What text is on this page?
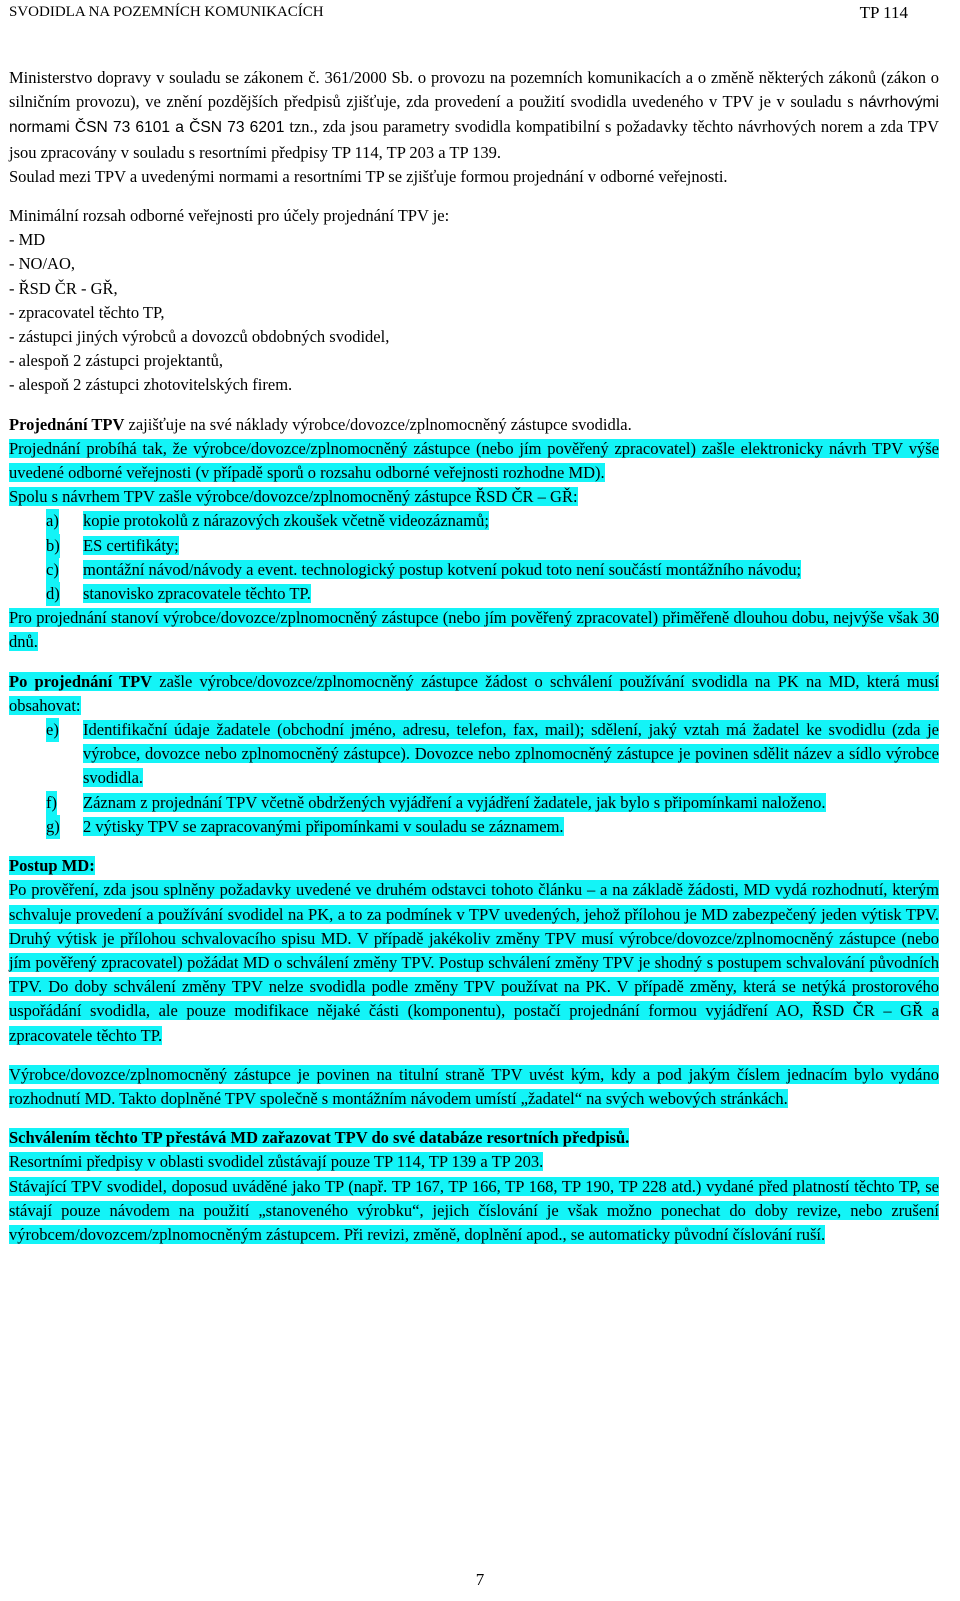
SVODIDLA NA POZEMNÍCH KOMUNIKACÍCH	TP 114

Ministerstvo dopravy v souladu se zákonem č. 361/2000 Sb. o provozu na pozemních komunikacích a o změně některých zákonů (zákon o silničním provozu), ve znění pozdějších předpisů zjišťuje, zda provedení a použití svodidla uvedeného v TPV je v souladu s návrhovými normami ČSN 73 6101 a ČSN 73 6201 tzn., zda jsou parametry svodidla kompatibilní s požadavky těchto návrhových norem a zda TPV jsou zpracovány v souladu s resortními předpisy TP 114, TP 203 a TP 139.

Soulad mezi TPV a uvedenými normami a resortními TP se zjišťuje formou projednání v odborné veřejnosti.

Minimální rozsah odborné veřejnosti pro účely projednání TPV je:

- MD

- NO/AO,

- ŘSD ČR - GŘ,

- zpracovatel těchto TP,

- zástupci jiných výrobců a dovozců obdobných svodidel,

- alespoň 2 zástupci projektantů,

- alespoň 2 zástupci zhotovitelských firem.

Projednání TPV zajišťuje na své náklady výrobce/dovozce/zplnomocněný zástupce svodidla.

Projednání probíhá tak, že výrobce/dovozce/zplnomocněný zástupce (nebo jím pověřený zpracovatel) zašle elektronicky návrh TPV výše uvedené odborné veřejnosti (v případě sporů o rozsahu odborné veřejnosti rozhodne MD).

Spolu s návrhem TPV zašle výrobce/dovozce/zplnomocněný zástupce ŘSD ČR – GŘ:

a) kopie protokolů z nárazových zkoušek včetně videozáznamů;
b) ES certifikáty;
c) montážní návod/návody a event. technologický postup kotvení pokud toto není součástí montážního návodu;
d) stanovisko zpracovatele těchto TP.

Pro projednání stanoví výrobce/dovozce/zplnomocněný zástupce (nebo jím pověřený zpracovatel) přiměřeně dlouhou dobu, nejvýše však 30 dnů.

Po projednání TPV zašle výrobce/dovozce/zplnomocněný zástupce žádost o schválení používání svodidla na PK na MD, která musí obsahovat:

e) Identifikační údaje žadatele (obchodní jméno, adresu, telefon, fax, mail); sdělení, jaký vztah má žadatel ke svodidlu (zda je výrobce, dovozce nebo zplnomocněný zástupce). Dovozce nebo zplnomocněný zástupce je povinen sdělit název a sídlo výrobce svodidla.
f) Záznam z projednání TPV včetně obdržených vyjádření a vyjádření žadatele, jak bylo s připomínkami naloženo.
g) 2 výtisky TPV se zapracovanými připomínkami v souladu se záznamem.

Postup MD:

Po prověření, zda jsou splněny požadavky uvedené ve druhém odstavci tohoto článku – a na základě žádosti, MD vydá rozhodnutí, kterým schvaluje provedení a používání svodidel na PK, a to za podmínek v TPV uvedených, jehož přílohou je MD zabezpečený jeden výtisk TPV. Druhý výtisk je přílohou schvalovacího spisu MD. V případě jakékoliv změny TPV musí výrobce/dovozce/zplnomocněný zástupce (nebo jím pověřený zpracovatel) požádat MD o schválení změny TPV. Postup schválení změny TPV je shodný s postupem schvalování původních TPV. Do doby schválení změny TPV nelze svodidla podle změny TPV používat na PK. V případě změny, která se netýká prostorového uspořádání svodidla, ale pouze modifikace nějaké části (komponentu), postačí projednání formou vyjádření AO, ŘSD ČR – GŘ a zpracovatele těchto TP.

Výrobce/dovozce/zplnomocněný zástupce je povinen na titulní straně TPV uvést kým, kdy a pod jakým číslem jednacím bylo vydáno rozhodnutí MD. Takto doplněné TPV společně s montážním návodem umístí „žadatel“ na svých webových stránkách.

Schválením těchto TP přestává MD zařazovat TPV do své databáze resortních předpisů.

Resortními předpisy v oblasti svodidel zůstávají pouze TP 114, TP 139 a TP 203.

Stávající TPV svodidel, doposud uváděné jako TP (např. TP 167, TP 166, TP 168, TP 190, TP 228 atd.) vydané před platností těchto TP, se stávají pouze návodem na použití „stanoveného výrobku“, jejich číslování je však možno ponechat do doby revize, nebo zrušení výrobcem/dovozcem/zplnomocněným zástupcem. Při revizi, změně, doplnění apod., se automaticky původní číslování ruší.

7
